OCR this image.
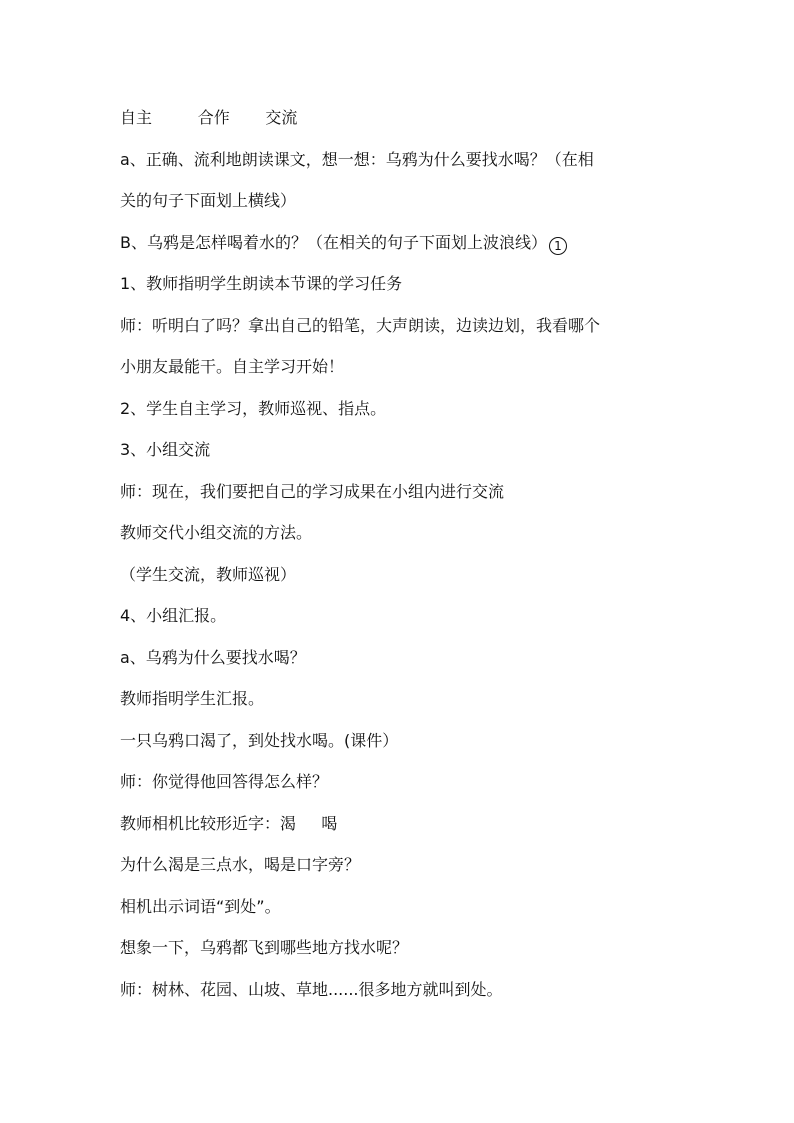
自主         合作       交流
a、正确、流利地朗读课文，想一想：乌鸦为什么要找水喝？（在相
关的句子下面划上横线）
B、乌鸦是怎样喝着水的？（在相关的句子下面划上波浪线） 1
1、教师指明学生朗读本节课的学习任务
师：听明白了吗？拿出自己的铅笔，大声朗读，边读边划，我看哪个
小朋友最能干。自主学习开始！
2、学生自主学习，教师巡视、指点。
3、小组交流
师：现在，我们要把自己的学习成果在小组内进行交流
教师交代小组交流的方法。
（学生交流，教师巡视）
4、小组汇报。
a、乌鸦为什么要找水喝？
教师指明学生汇报。
一只乌鸦口渴了，到处找水喝。(课件）
师：你觉得他回答得怎么样？
教师相机比较形近字：渴     喝
为什么渴是三点水，喝是口字旁？
相机出示词语“到处”。
想象一下，乌鸦都飞到哪些地方找水呢？
师：树林、花园、山坡、草地......很多地方就叫到处。
